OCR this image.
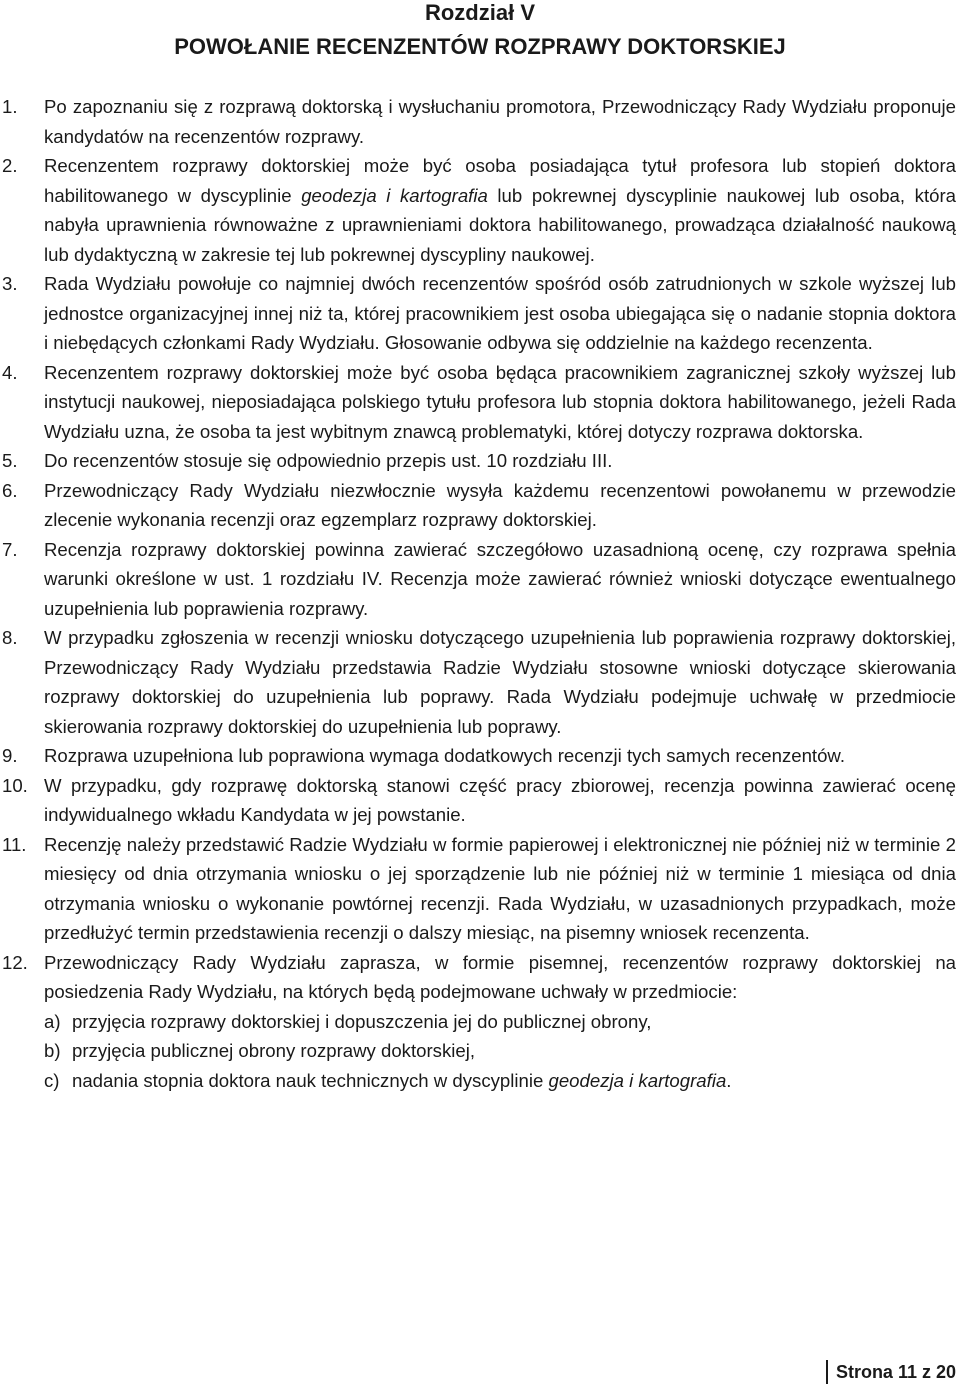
Rozdział V
POWOŁANIE RECENZENTÓW ROZPRAWY DOKTORSKIEJ
1. Po zapoznaniu się z rozprawą doktorską i wysłuchaniu promotora, Przewodniczący Rady Wydziału proponuje kandydatów na recenzentów rozprawy.
2. Recenzentem rozprawy doktorskiej może być osoba posiadająca tytuł profesora lub stopień doktora habilitowanego w dyscyplinie geodezja i kartografia lub pokrewnej dyscyplinie naukowej lub osoba, która nabyła uprawnienia równoważne z uprawnieniami doktora habilitowanego, prowadząca działalność naukową lub dydaktyczną w zakresie tej lub pokrewnej dyscypliny naukowej.
3. Rada Wydziału powołuje co najmniej dwóch recenzentów spośród osób zatrudnionych w szkole wyższej lub jednostce organizacyjnej innej niż ta, której pracownikiem jest osoba ubiegająca się o nadanie stopnia doktora i niebędących członkami Rady Wydziału. Głosowanie odbywa się oddzielnie na każdego recenzenta.
4. Recenzentem rozprawy doktorskiej może być osoba będąca pracownikiem zagranicznej szkoły wyższej lub instytucji naukowej, nieposiadająca polskiego tytułu profesora lub stopnia doktora habilitowanego, jeżeli Rada Wydziału uzna, że osoba ta jest wybitnym znawcą problematyki, której dotyczy rozprawa doktorska.
5. Do recenzentów stosuje się odpowiednio przepis ust. 10 rozdziału III.
6. Przewodniczący Rady Wydziału niezwłocznie wysyła każdemu recenzentowi powołanemu w przewodzie zlecenie wykonania recenzji oraz egzemplarz rozprawy doktorskiej.
7. Recenzja rozprawy doktorskiej powinna zawierać szczegółowo uzasadnioną ocenę, czy rozprawa spełnia warunki określone w ust. 1 rozdziału IV. Recenzja może zawierać również wnioski dotyczące ewentualnego uzupełnienia lub poprawienia rozprawy.
8. W przypadku zgłoszenia w recenzji wniosku dotyczącego uzupełnienia lub poprawienia rozprawy doktorskiej, Przewodniczący Rady Wydziału przedstawia Radzie Wydziału stosowne wnioski dotyczące skierowania rozprawy doktorskiej do uzupełnienia lub poprawy. Rada Wydziału podejmuje uchwałę w przedmiocie skierowania rozprawy doktorskiej do uzupełnienia lub poprawy.
9. Rozprawa uzupełniona lub poprawiona wymaga dodatkowych recenzji tych samych recenzentów.
10. W przypadku, gdy rozprawę doktorską stanowi część pracy zbiorowej, recenzja powinna zawierać ocenę indywidualnego wkładu Kandydata w jej powstanie.
11. Recenzję należy przedstawić Radzie Wydziału w formie papierowej i elektronicznej nie później niż w terminie 2 miesięcy od dnia otrzymania wniosku o jej sporządzenie lub nie później niż w terminie 1 miesiąca od dnia otrzymania wniosku o wykonanie powtórnej recenzji. Rada Wydziału, w uzasadnionych przypadkach, może przedłużyć termin przedstawienia recenzji o dalszy miesiąc, na pisemny wniosek recenzenta.
12. Przewodniczący Rady Wydziału zaprasza, w formie pisemnej, recenzentów rozprawy doktorskiej na posiedzenia Rady Wydziału, na których będą podejmowane uchwały w przedmiocie:
a) przyjęcia rozprawy doktorskiej i dopuszczenia jej do publicznej obrony,
b) przyjęcia publicznej obrony rozprawy doktorskiej,
c) nadania stopnia doktora nauk technicznych w dyscyplinie geodezja i kartografia.
Strona 11 z 20
